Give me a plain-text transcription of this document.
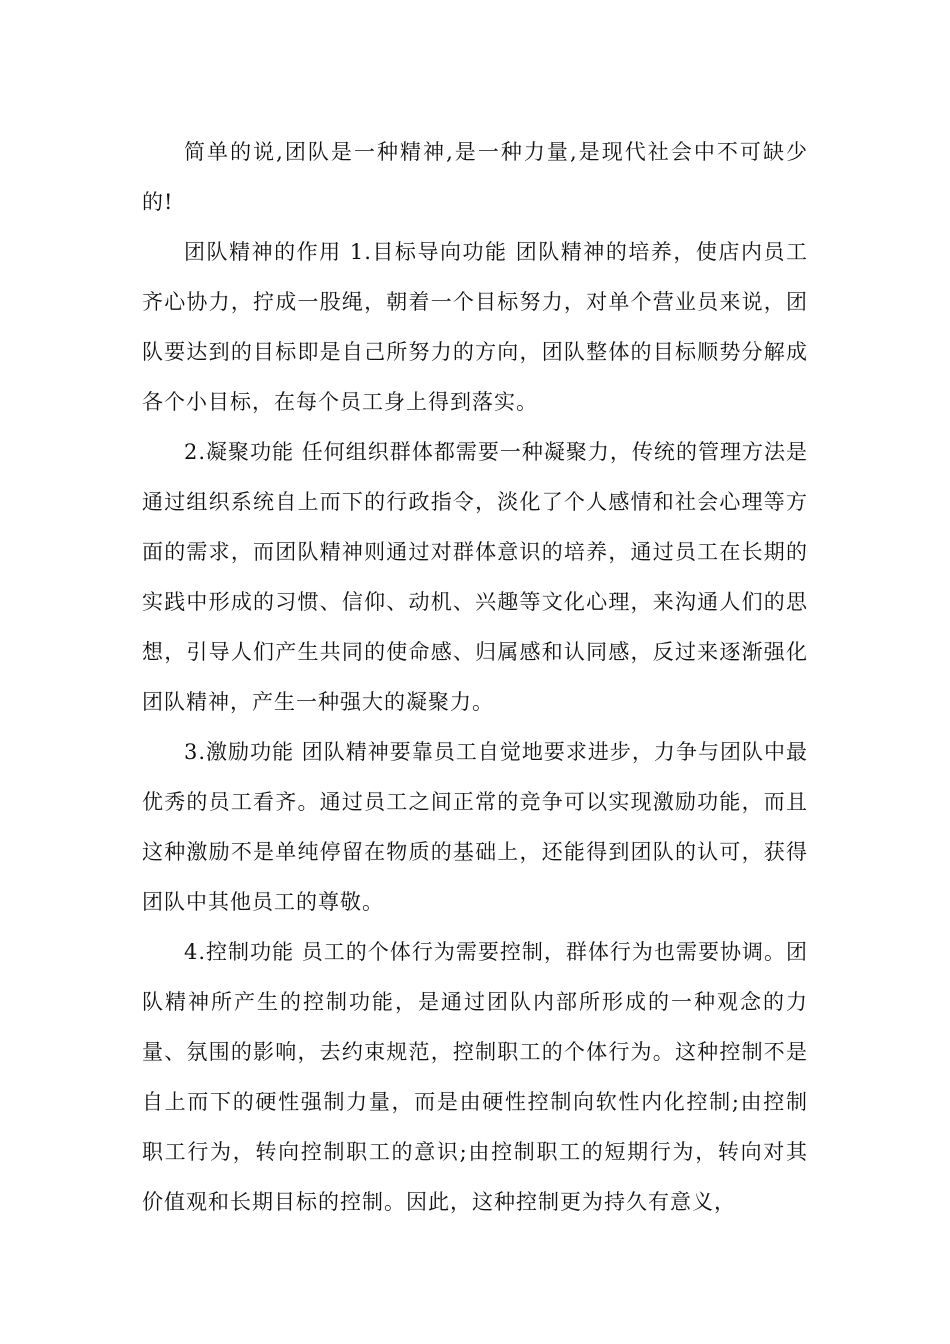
简单的说,团队是一种精神,是一种力量,是现代社会中不可缺少的!

团队精神的作用 1.目标导向功能 团队精神的培养，使店内员工齐心协力，拧成一股绳，朝着一个目标努力，对单个营业员来说，团队要达到的目标即是自己所努力的方向，团队整体的目标顺势分解成各个小目标，在每个员工身上得到落实。

2.凝聚功能 任何组织群体都需要一种凝聚力，传统的管理方法是通过组织系统自上而下的行政指令，淡化了个人感情和社会心理等方面的需求，而团队精神则通过对群体意识的培养，通过员工在长期的实践中形成的习惯、信仰、动机、兴趣等文化心理，来沟通人们的思想，引导人们产生共同的使命感、归属感和认同感，反过来逐渐强化团队精神，产生一种强大的凝聚力。

3.激励功能 团队精神要靠员工自觉地要求进步，力争与团队中最优秀的员工看齐。通过员工之间正常的竞争可以实现激励功能，而且这种激励不是单纯停留在物质的基础上，还能得到团队的认可，获得团队中其他员工的尊敬。

4.控制功能 员工的个体行为需要控制，群体行为也需要协调。团队精神所产生的控制功能，是通过团队内部所形成的一种观念的力量、氛围的影响，去约束规范，控制职工的个体行为。这种控制不是自上而下的硬性强制力量，而是由硬性控制向软性内化控制;由控制职工行为，转向控制职工的意识;由控制职工的短期行为，转向对其价值观和长期目标的控制。因此，这种控制更为持久有意义，
